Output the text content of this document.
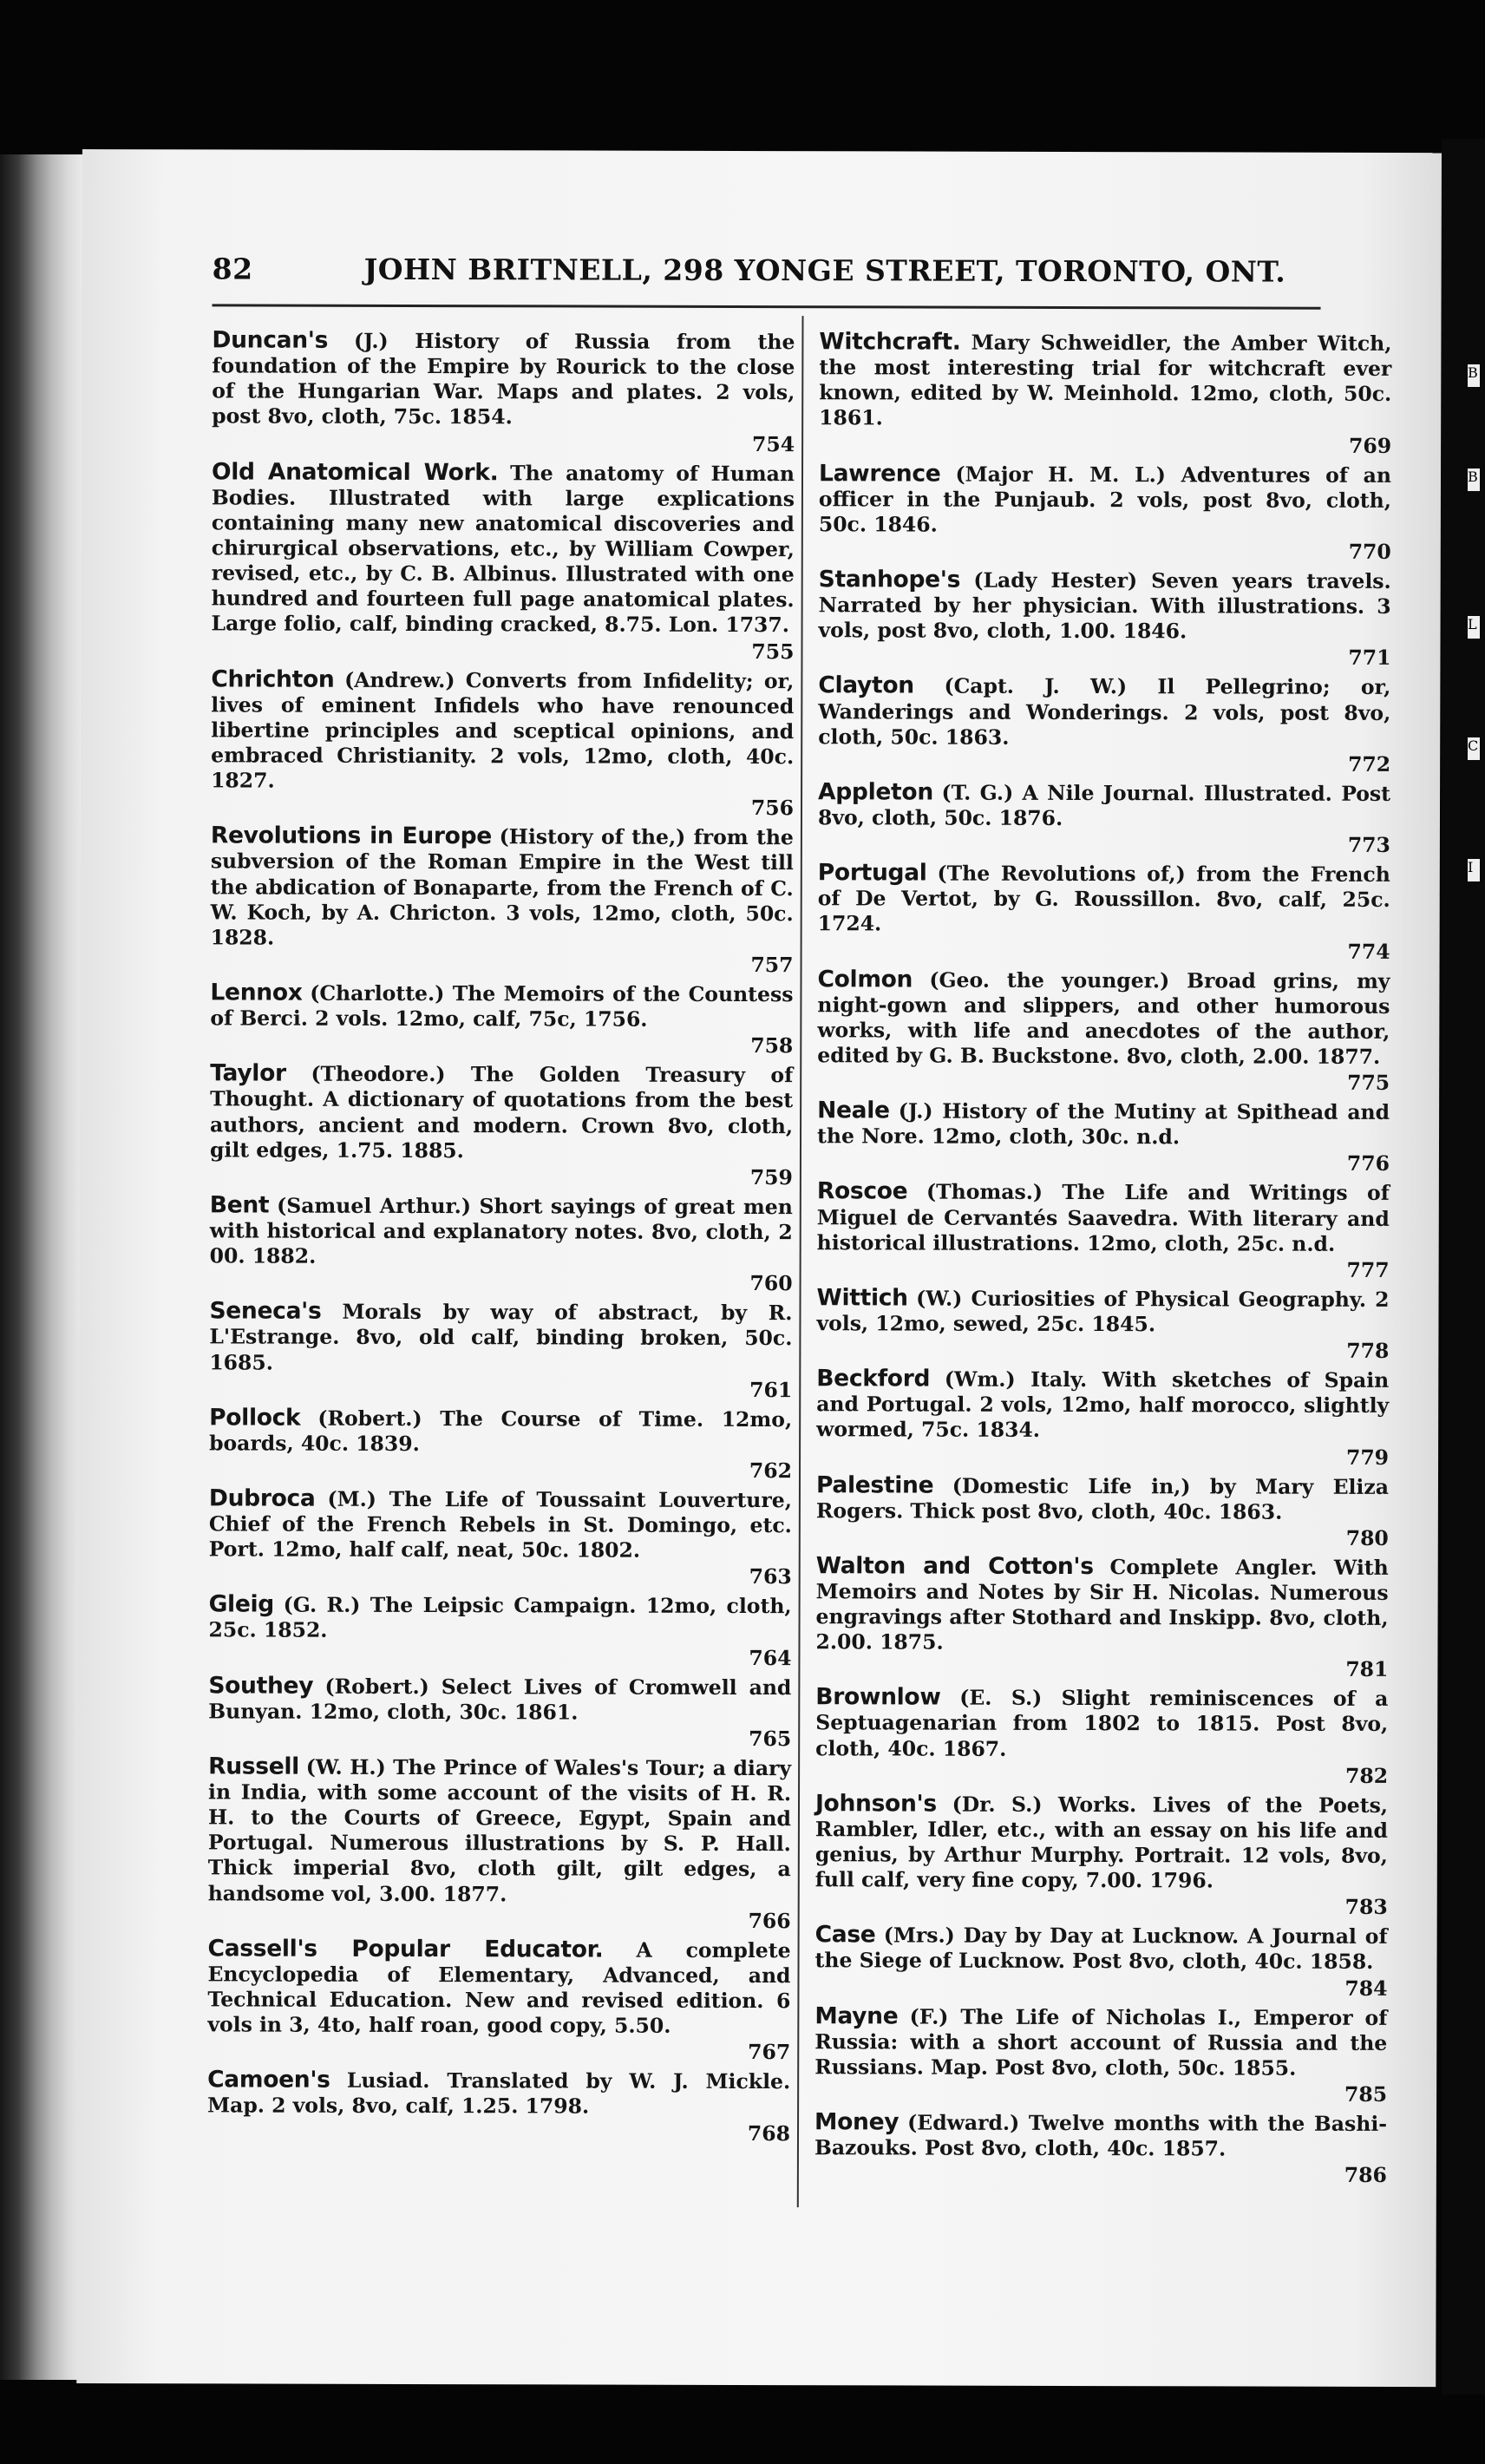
B
B
L
C
I
82	JOHN BRITNELL, 298 YONGE STREET, TORONTO, ONT.
Duncan's (J.) History of Russia from the foundation of the Empire by Rourick to the close of the Hungarian War. Maps and plates. 2 vols, post 8vo, cloth, 75c. 1854.
754
Old Anatomical Work. The anatomy of Human Bodies. Illustrated with large explications containing many new anatomical discoveries and chirurgical observations, etc., by William Cowper, revised, etc., by C. B. Albinus. Illustrated with one hundred and fourteen full page anatomical plates. Large folio, calf, binding cracked, 8.75. Lon. 1737.
755
Chrichton (Andrew.) Converts from Infidelity; or, lives of eminent Infidels who have renounced libertine principles and sceptical opinions, and embraced Christianity. 2 vols, 12mo, cloth, 40c. 1827.
756
Revolutions in Europe (History of the,) from the subversion of the Roman Empire in the West till the abdication of Bonaparte, from the French of C. W. Koch, by A. Chricton. 3 vols, 12mo, cloth, 50c. 1828.
757
Lennox (Charlotte.) The Memoirs of the Countess of Berci. 2 vols. 12mo, calf, 75c, 1756.
758
Taylor (Theodore.) The Golden Treasury of Thought. A dictionary of quotations from the best authors, ancient and modern. Crown 8vo, cloth, gilt edges, 1.75. 1885.
759
Bent (Samuel Arthur.) Short sayings of great men with historical and explanatory notes. 8vo, cloth, 2 00. 1882.
760
Seneca's Morals by way of abstract, by R. L'Estrange. 8vo, old calf, binding broken, 50c. 1685.
761
Pollock (Robert.) The Course of Time. 12mo, boards, 40c. 1839.
762
Dubroca (M.) The Life of Toussaint Louverture, Chief of the French Rebels in St. Domingo, etc. Port. 12mo, half calf, neat, 50c. 1802.
763
Gleig (G. R.) The Leipsic Campaign. 12mo, cloth, 25c. 1852.
764
Southey (Robert.) Select Lives of Cromwell and Bunyan. 12mo, cloth, 30c. 1861.
765
Russell (W. H.) The Prince of Wales's Tour; a diary in India, with some account of the visits of H. R. H. to the Courts of Greece, Egypt, Spain and Portugal. Numerous illustrations by S. P. Hall. Thick imperial 8vo, cloth gilt, gilt edges, a handsome vol, 3.00. 1877.
766
Cassell's Popular Educator. A complete Encyclopedia of Elementary, Advanced, and Technical Education. New and revised edition. 6 vols in 3, 4to, half roan, good copy, 5.50.
767
Camoen's Lusiad. Translated by W. J. Mickle. Map. 2 vols, 8vo, calf, 1.25. 1798.
768
Witchcraft. Mary Schweidler, the Amber Witch, the most interesting trial for witchcraft ever known, edited by W. Meinhold. 12mo, cloth, 50c. 1861.
769
Lawrence (Major H. M. L.) Adventures of an officer in the Punjaub. 2 vols, post 8vo, cloth, 50c. 1846.
770
Stanhope's (Lady Hester) Seven years travels. Narrated by her physician. With illustrations. 3 vols, post 8vo, cloth, 1.00. 1846.
771
Clayton (Capt. J. W.) Il Pellegrino; or, Wanderings and Wonderings. 2 vols, post 8vo, cloth, 50c. 1863.
772
Appleton (T. G.) A Nile Journal. Illustrated. Post 8vo, cloth, 50c. 1876.
773
Portugal (The Revolutions of,) from the French of De Vertot, by G. Roussillon. 8vo, calf, 25c. 1724.
774
Colmon (Geo. the younger.) Broad grins, my night-gown and slippers, and other humorous works, with life and anecdotes of the author, edited by G. B. Buckstone. 8vo, cloth, 2.00. 1877.
775
Neale (J.) History of the Mutiny at Spithead and the Nore. 12mo, cloth, 30c. n.d.
776
Roscoe (Thomas.) The Life and Writings of Miguel de Cervantés Saavedra. With literary and historical illustrations. 12mo, cloth, 25c. n.d.
777
Wittich (W.) Curiosities of Physical Geography. 2 vols, 12mo, sewed, 25c. 1845.
778
Beckford (Wm.) Italy. With sketches of Spain and Portugal. 2 vols, 12mo, half morocco, slightly wormed, 75c. 1834.
779
Palestine (Domestic Life in,) by Mary Eliza Rogers. Thick post 8vo, cloth, 40c. 1863.
780
Walton and Cotton's Complete Angler. With Memoirs and Notes by Sir H. Nicolas. Numerous engravings after Stothard and Inskipp. 8vo, cloth, 2.00. 1875.
781
Brownlow (E. S.) Slight reminiscences of a Septuagenarian from 1802 to 1815. Post 8vo, cloth, 40c. 1867.
782
Johnson's (Dr. S.) Works. Lives of the Poets, Rambler, Idler, etc., with an essay on his life and genius, by Arthur Murphy. Portrait. 12 vols, 8vo, full calf, very fine copy, 7.00. 1796.
783
Case (Mrs.) Day by Day at Lucknow. A Journal of the Siege of Lucknow. Post 8vo, cloth, 40c. 1858.
784
Mayne (F.) The Life of Nicholas I., Emperor of Russia: with a short account of Russia and the Russians. Map. Post 8vo, cloth, 50c. 1855.
785
Money (Edward.) Twelve months with the Bashi-Bazouks. Post 8vo, cloth, 40c. 1857.
786
